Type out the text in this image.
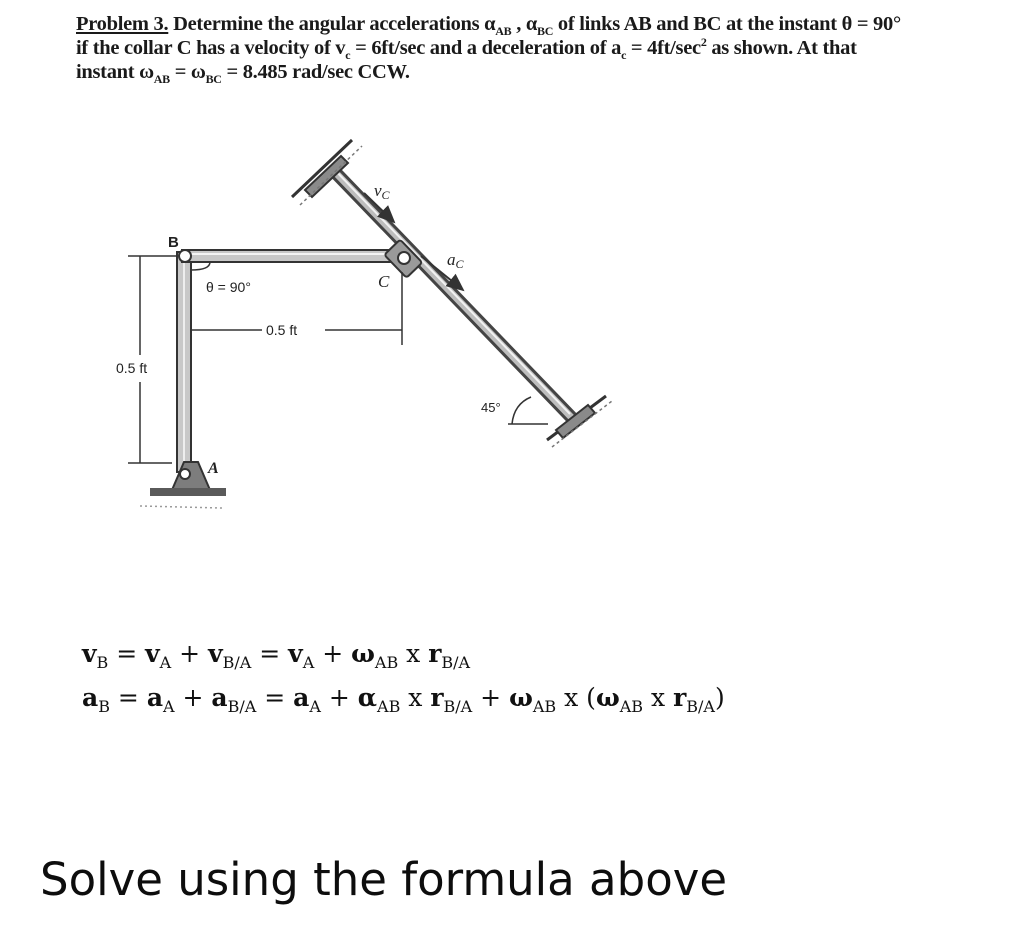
Problem 3. Determine the angular accelerations $\alpha_{AB}$ , $\alpha_{BC}$ of links AB and BC at the instant θ = 90°
if the collar C has a velocity of $v_c = 6ft/\sec$ and a deceleration of $a_c = 4ft/\sec^2$ as shown. At that
instant $\omega_{AB} = \omega_{BC} = 8.485$ rad/sec CCW.
B
C
A
θ = 90°
0.5 ft
0.5 ft
vC
aC
45°
$v_B = v_A + v_{B/A} = v_A + \omega_{AB}$ x $r_{B/A}$
$a_B = a_A + a_{B/A} = a_A + \alpha_{AB}$ x $r_{B/A} + \omega_{AB}$ x ($\omega_{AB}$ x $r_{B/A}$)
Solve using the formula above
